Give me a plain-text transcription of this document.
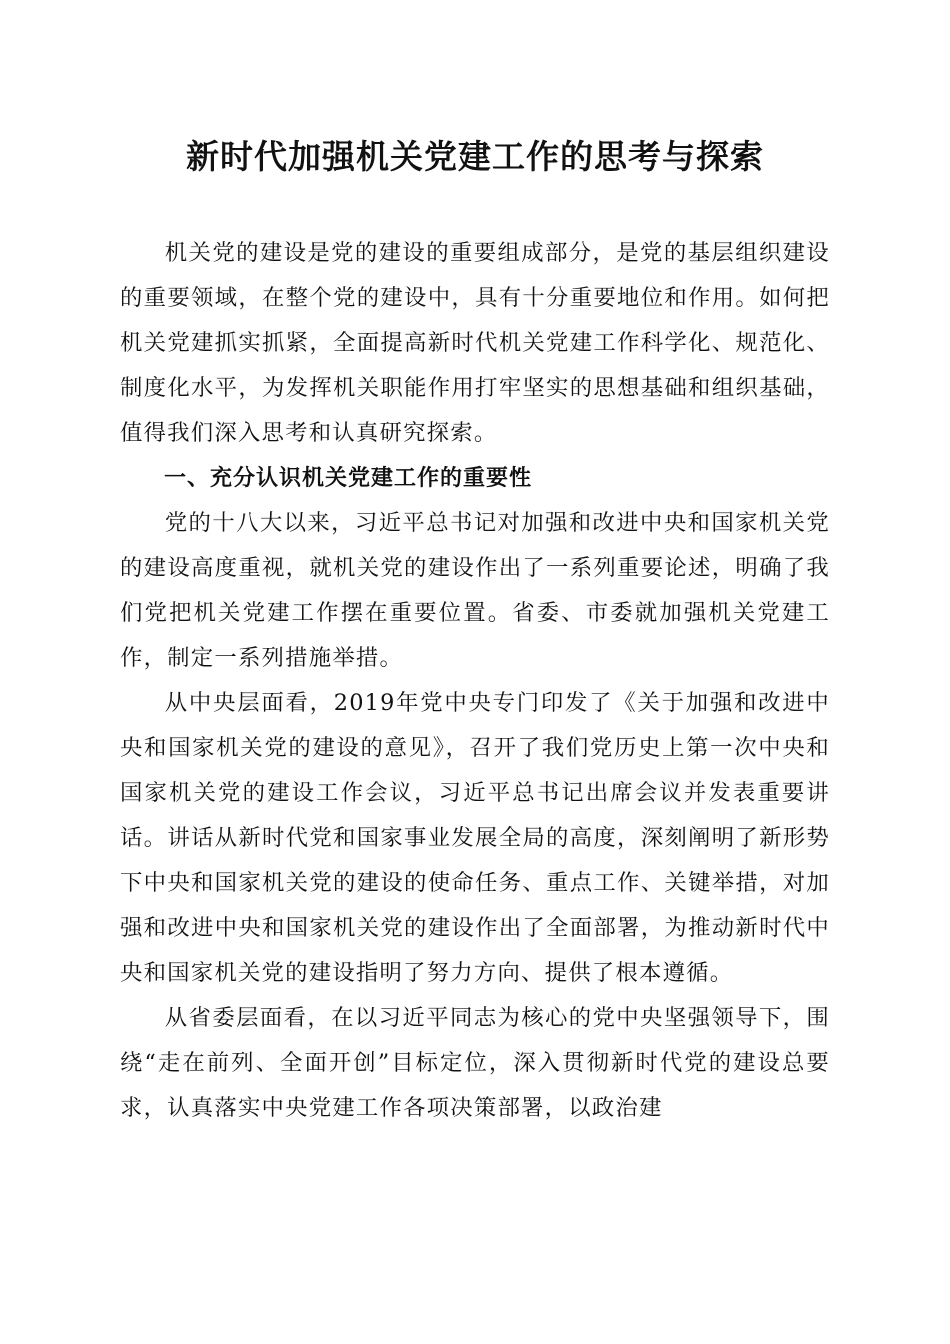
新时代加强机关党建工作的思考与探索

机关党的建设是党的建设的重要组成部分，是党的基层组织建设的重要领域，在整个党的建设中，具有十分重要地位和作用。如何把机关党建抓实抓紧，全面提高新时代机关党建工作科学化、规范化、制度化水平，为发挥机关职能作用打牢坚实的思想基础和组织基础，值得我们深入思考和认真研究探索。

一、充分认识机关党建工作的重要性

党的十八大以来，习近平总书记对加强和改进中央和国家机关党的建设高度重视，就机关党的建设作出了一系列重要论述，明确了我们党把机关党建工作摆在重要位置。省委、市委就加强机关党建工作，制定一系列措施举措。

从中央层面看，2019年党中央专门印发了《关于加强和改进中央和国家机关党的建设的意见》，召开了我们党历史上第一次中央和国家机关党的建设工作会议，习近平总书记出席会议并发表重要讲话。讲话从新时代党和国家事业发展全局的高度，深刻阐明了新形势下中央和国家机关党的建设的使命任务、重点工作、关键举措，对加强和改进中央和国家机关党的建设作出了全面部署，为推动新时代中央和国家机关党的建设指明了努力方向、提供了根本遵循。

从省委层面看，在以习近平同志为核心的党中央坚强领导下，围绕“走在前列、全面开创”目标定位，深入贯彻新时代党的建设总要求，认真落实中央党建工作各项决策部署，以政治建
